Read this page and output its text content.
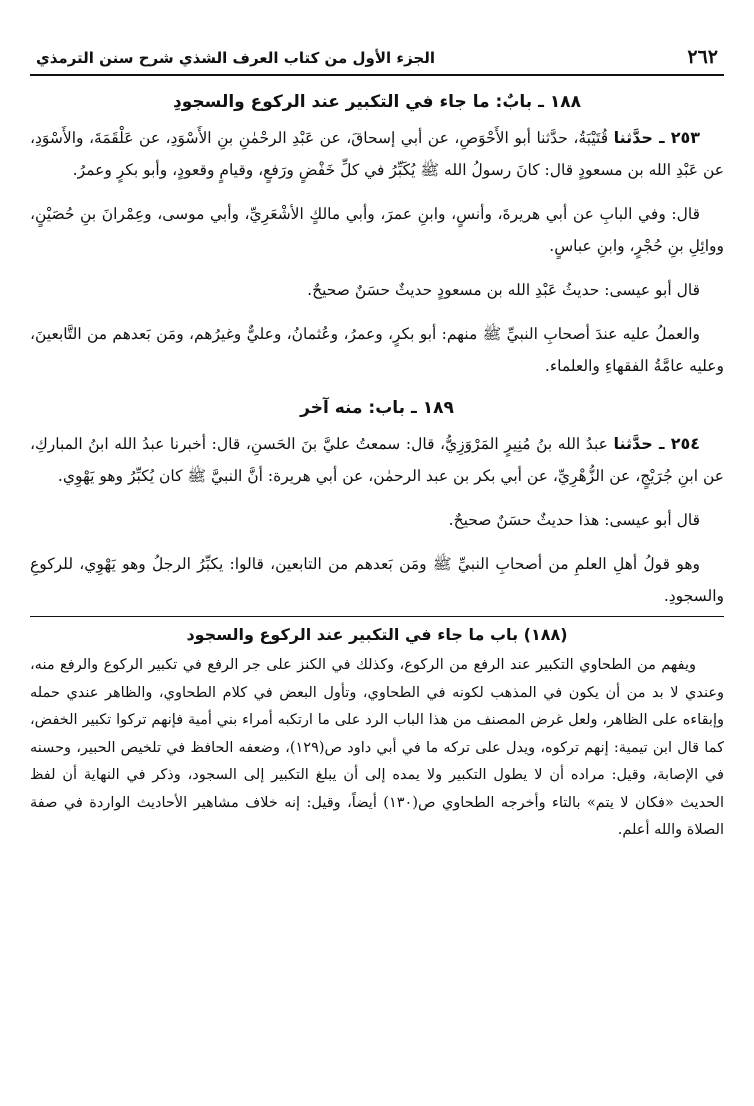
٢٦٢
الجزء الأول من كتاب العرف الشذي شرح سنن الترمذي
١٨٨ ـ بابٌ: ما جاء في التكبير عند الركوع والسجودِ

٢٥٣ ـ حدَّثنا قُتَيْبَةُ، حدَّثنا أبو الأَحْوَصِ، عن أبي إسحاقَ، عن عَبْدِ الرحْمٰنِ بنِ الأَسْوَدِ، عن عَلْقَمَةَ، والأَسْوَدِ، عن عَبْدِ الله بن مسعودٍ قال: كانَ رسولُ الله ﷺ يُكَبِّرُ في كلِّ خَفْضٍ ورَفعٍ، وقيامٍ وقعودٍ، وأبو بكرٍ وعمرُ.

قال: وفي البابِ عن أبي هريرةَ، وأنسٍ، وابنِ عمرَ، وأبي مالكٍ الأشْعَرِيِّ، وأبي موسى، وعِمْرانَ بنِ حُصَيْنٍ، ووائِلِ بنِ حُجْرٍ، وابنِ عباسٍ.

قال أبو عيسى: حديثُ عَبْدِ الله بن مسعودٍ حديثٌ حسَنٌ صحيحٌ.

والعملُ عليه عندَ أصحابِ النبيِّ ﷺ منهم: أبو بكرٍ، وعمرُ، وعُثمانُ، وعليٌّ وغيرُهم، ومَن بَعدهم من التَّابعينَ، وعليه عامَّةُ الفقهاءِ والعلماء.

١٨٩ ـ باب: منه آخر

٢٥٤ ـ حدَّثنا عبدُ الله بنُ مُنِيرٍ المَرْوَزِيُّ، قال: سمعتُ عليَّ بنَ الحَسنِ، قال: أخبرنا عبدُ الله ابنُ المباركِ، عن ابنِ جُرَيْجٍ، عن الزُّهْرِيِّ، عن أبي بكر بن عبد الرحمٰن، عن أبي هريرة: أنَّ النبيَّ ﷺ كان يُكبِّرُ وهو يَهْوِي.

قال أبو عيسى: هذا حديثٌ حسَنٌ صحيحٌ.

وهو قولُ أهلِ العلمِ من أصحابِ النبيِّ ﷺ ومَن بَعدهم من التابعين، قالوا: يكبِّرُ الرجلُ وهو يَهْوِي، للركوعِ والسجودِ.

(١٨٨) باب ما جاء في التكبير عند الركوع والسجود

ويفهم من الطحاوي التكبير عند الرفع من الركوع، وكذلك في الكنز على جر الرفع في تكبير الركوع والرفع منه، وعندي لا بد من أن يكون في المذهب لكونه في الطحاوي، وتأول البعض في كلام الطحاوي، والظاهر عندي حمله وإبقاءه على الظاهر، ولعل غرض المصنف من هذا الباب الرد على ما ارتكبه أمراء بني أمية فإنهم تركوا تكبير الخفض، كما قال ابن تيمية: إنهم تركوه، ويدل على تركه ما في أبي داود ص(١٢٩)، وضعفه الحافظ في تلخيص الحبير، وحسنه في الإصابة، وقيل: مراده أن لا يطول التكبير ولا يمده إلى أن يبلغ التكبير إلى السجود، وذكر في النهاية أن لفظ الحديث «فكان لا يتم» بالتاء وأخرجه الطحاوي ص(١٣٠) أيضاً، وقيل: إنه خلاف مشاهير الأحاديث الواردة في صفة الصلاة والله أعلم.
